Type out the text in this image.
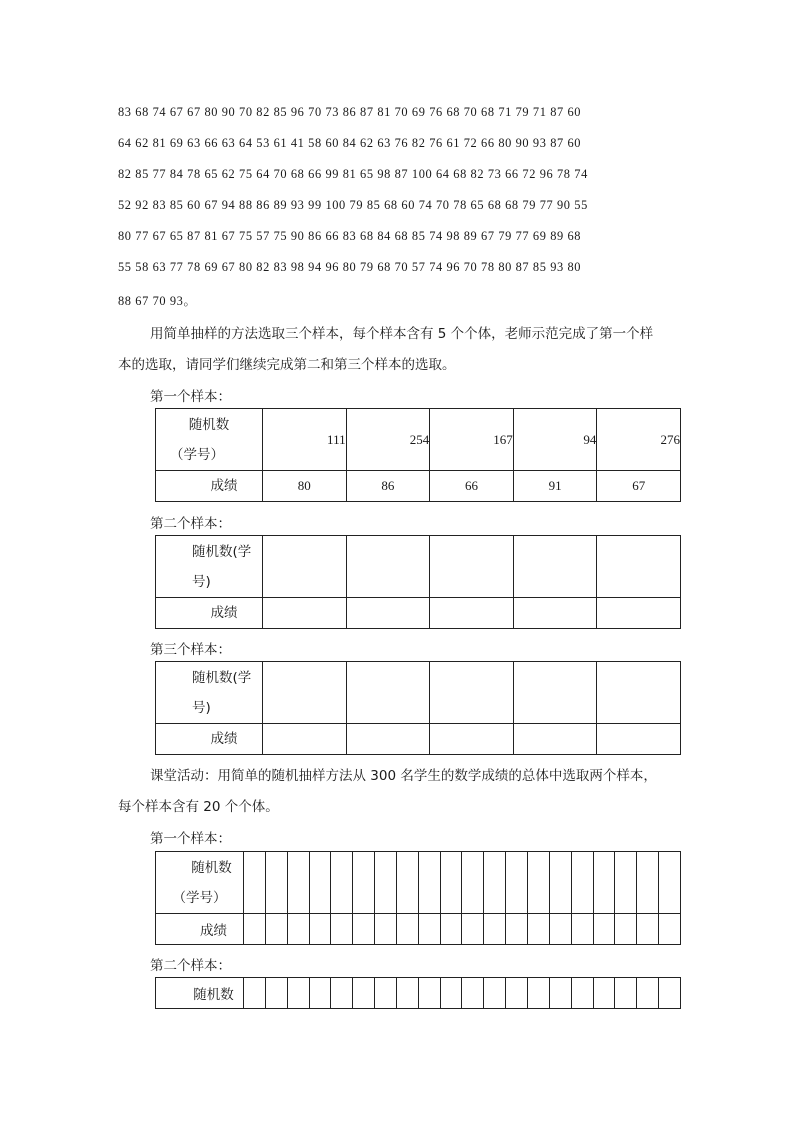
83 68 74 67 67 80 90 70 82 85 96 70 73 86 87 81 70 69 76 68 70 68 71 79 71 87 60
64 62 81 69 63 66 63 64 53 61 41 58 60 84 62 63 76 82 76 61 72 66 80 90 93 87 60
82 85 77 84 78 65 62 75 64 70 68 66 99 81 65 98 87 100 64 68 82 73 66 72 96 78 74
52 92 83 85 60 67 94 88 86 89 93 99 100 79 85 68 60 74 70 78 65 68 68 79 77 90 55
80 77 67 65 87 81 67 75 57 75 90 86 66 83 68 84 68 85 74 98 89 67 79 77 69 89 68
55 58 63 77 78 69 67 80 82 83 98 94 96 80 79 68 70 57 74 96 70 78 80 87 85 93 80
88 67 70 93。
用简单抽样的方法选取三个样本，每个样本含有 5 个个体，老师示范完成了第一个样
本的选取，请同学们继续完成第二和第三个样本的选取。
第一个样本：
随机数
（学号）	111	254	167	94	276
成绩	80	86	66	91	67
第二个样本：
随机数(学
号)					

成绩					
第三个样本：
随机数(学
号)					

成绩					
课堂活动：用简单的随机抽样方法从 300 名学生的数学成绩的总体中选取两个样本，
每个样本含有 20 个个体。
第一个样本：
随机数
（学号）																				

成绩																				
第二个样本：
随机数																				
